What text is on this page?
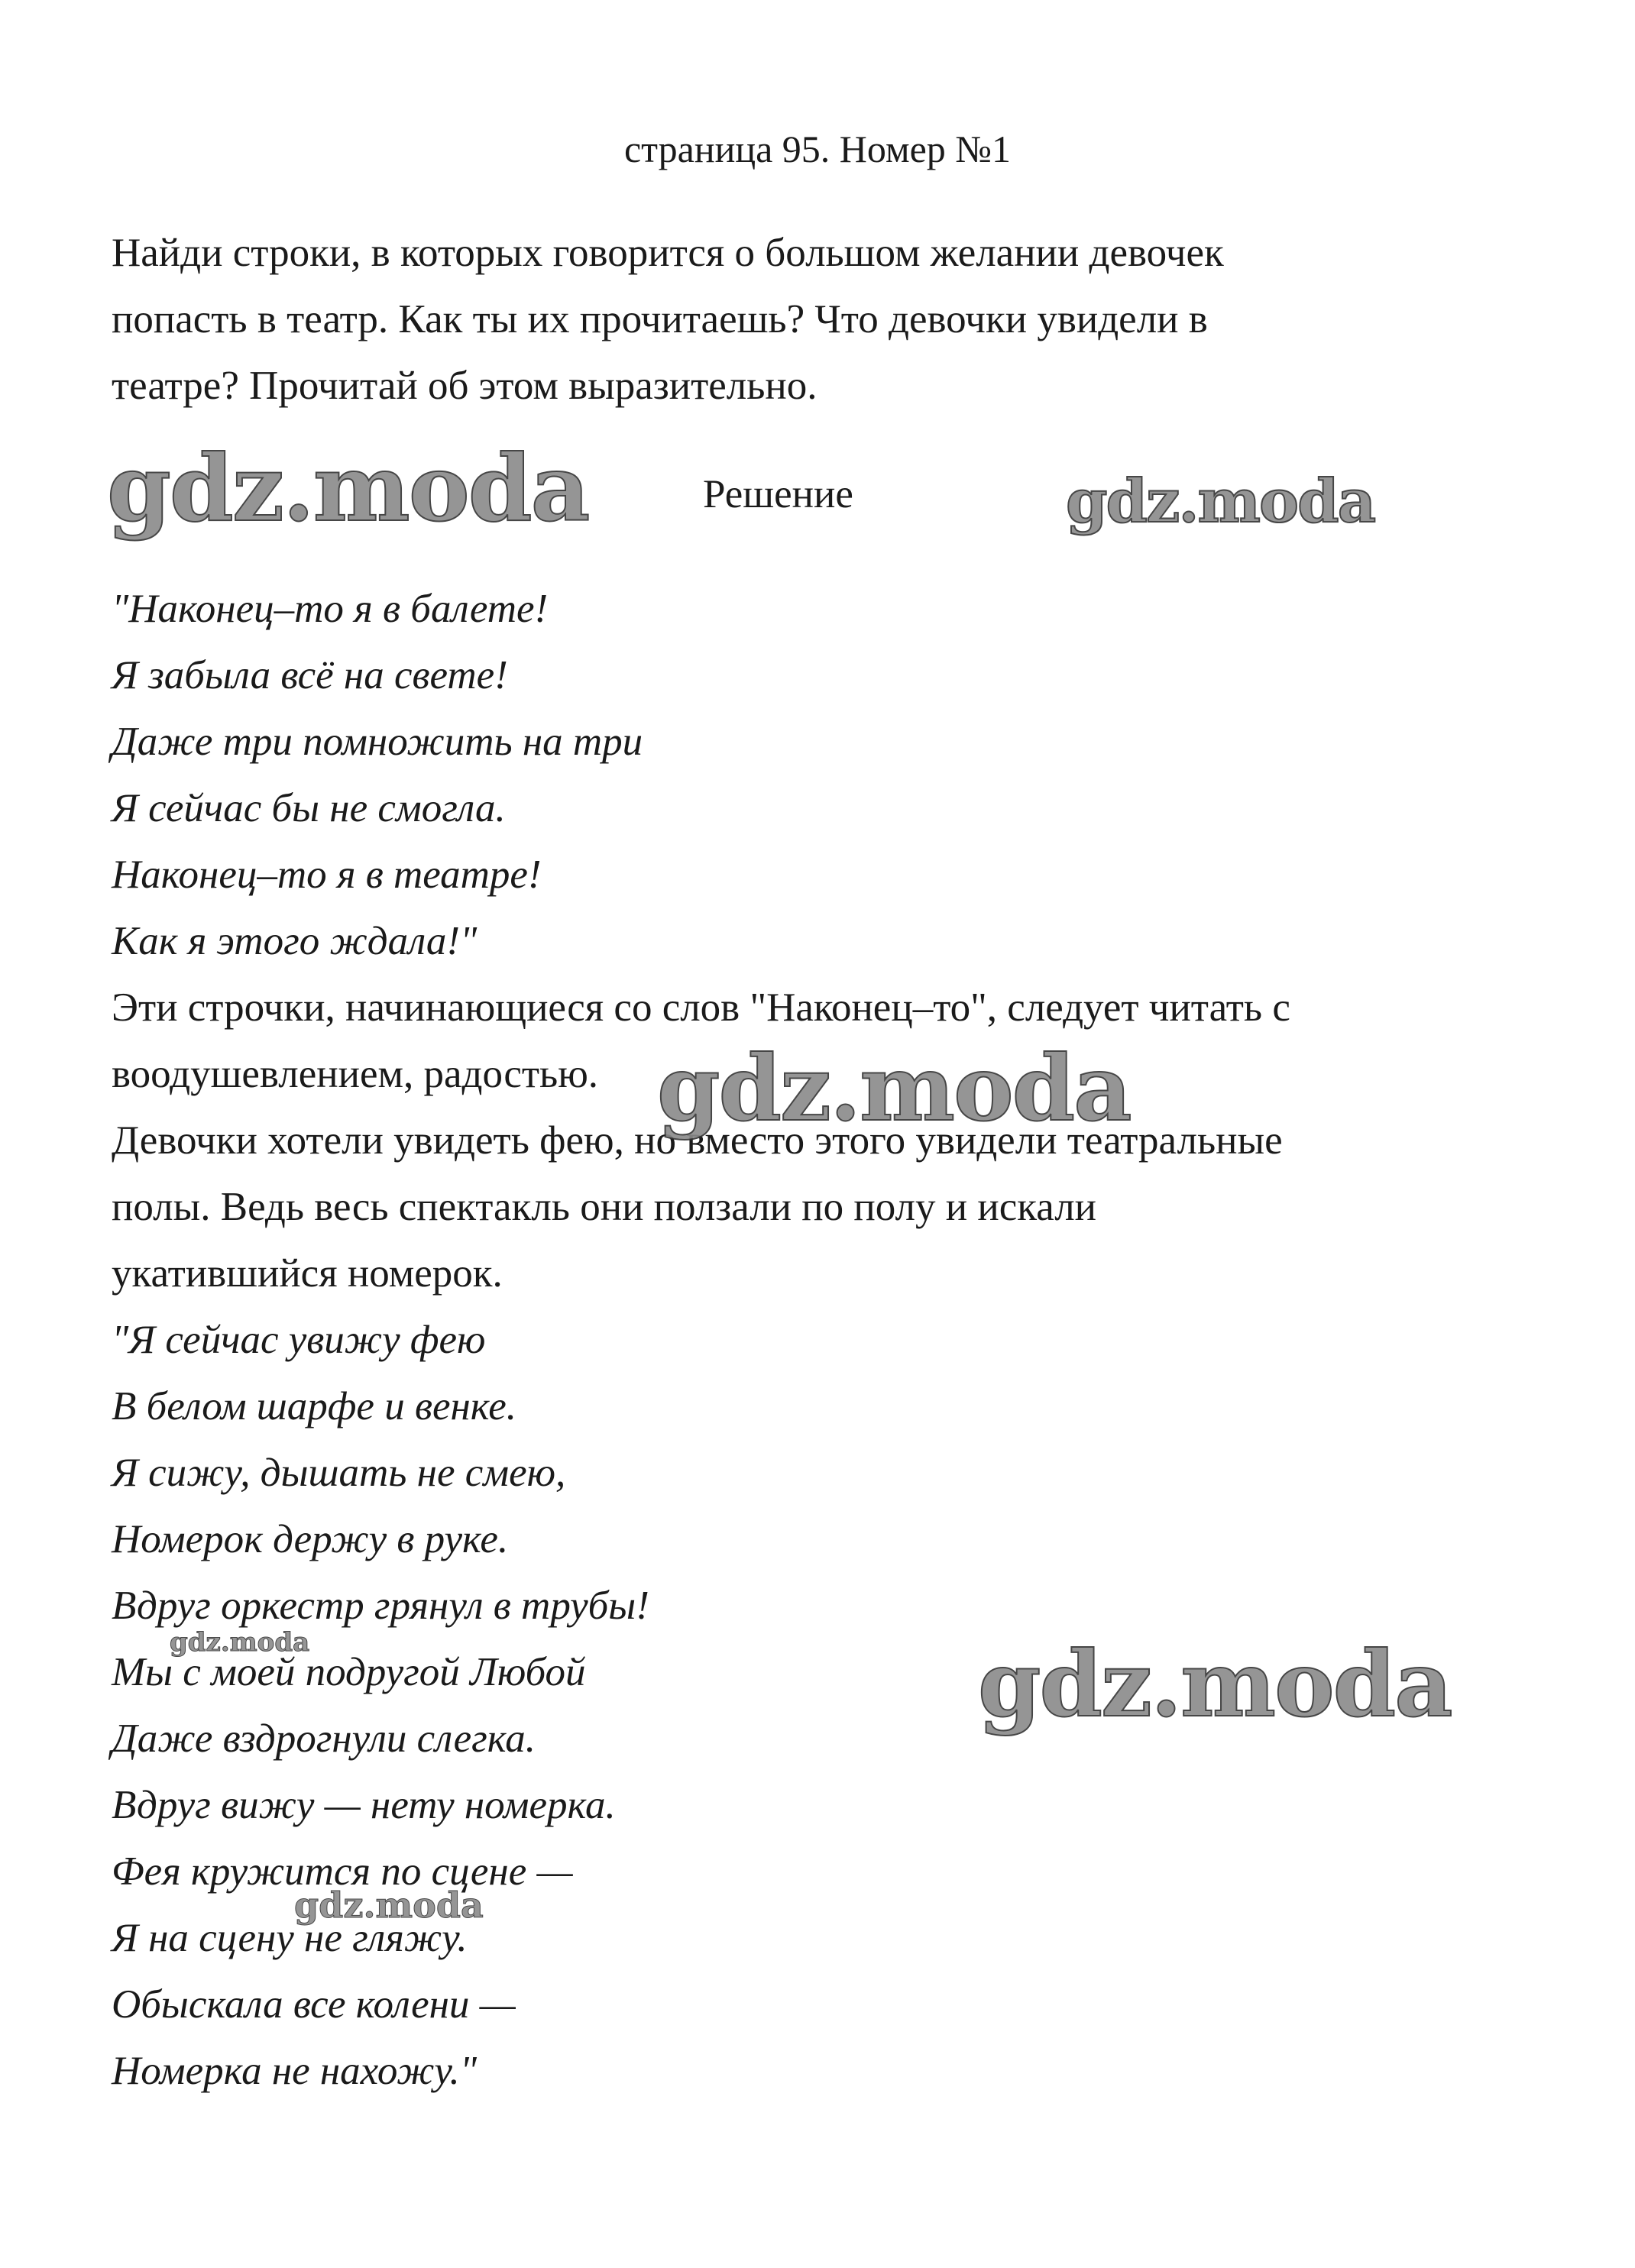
страница 95. Номер №1

Найди строки, в которых говорится о большом желании девочек

попасть в театр. Как ты их прочитаешь? Что девочки увидели в

театре? Прочитай об этом выразительно.

Решение
"Наконец–то я в балете!
Я забыла всё на свете!
Даже три помножить на три
Я сейчас бы не смогла.
Наконец–то я в театре!
Как я этого ждала!"
Эти строчки, начинающиеся со слов "Наконец–то", следует читать с
воодушевлением, радостью.
Девочки хотели увидеть фею, но вместо этого увидели театральные
полы. Ведь весь спектакль они ползали по полу и искали
укатившийся номерок.
"Я сейчас увижу фею
В белом шарфе и венке.
Я сижу, дышать не смею,
Номерок держу в руке.
Вдруг оркестр грянул в трубы!
Мы с моей подругой Любой
Даже вздрогнули слегка.
Вдруг вижу — нету номерка.
Фея кружится по сцене —
Я на сцену не гляжу.
Обыскала все колени —
Номерка не нахожу."
gdz.moda	gdz.moda
gdz.moda
gdz.moda
gdz.moda
gdz.moda
